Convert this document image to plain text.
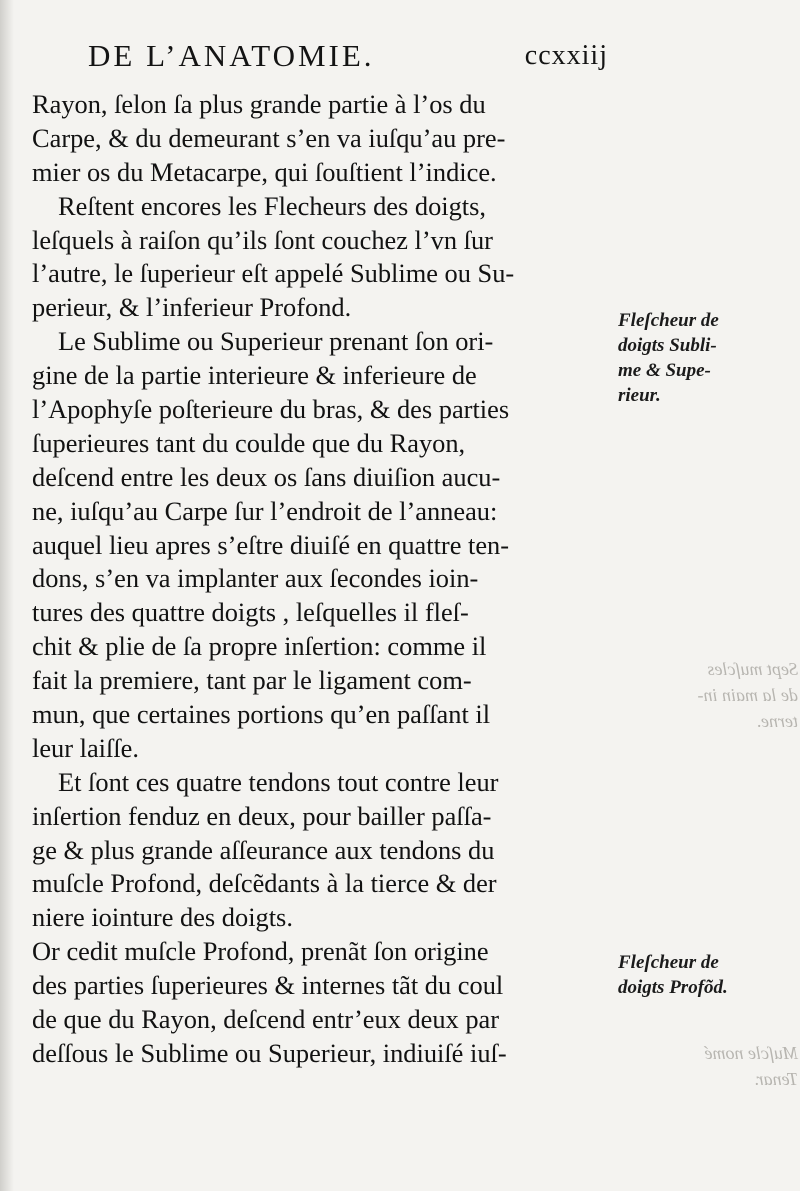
DE L’ANATOMIE.	ccxxiij
Rayon, ſelon ſa plus grande partie à l’os du
Carpe, & du demeurant s’en va iuſqu’au pre-
mier os du Metacarpe, qui ſouſtient l’indice.
Reſtent encores les Flecheurs des doigts,
leſquels à raiſon qu’ils ſont couchez l’vn ſur
l’autre, le ſuperieur eſt appelé Sublime ou Su-
perieur, & l’inferieur Profond.
Le Sublime ou Superieur prenant ſon ori-
gine de la partie interieure & inferieure de
l’Apophyſe poſterieure du bras, & des parties
ſuperieures tant du coulde que du Rayon,
deſcend entre les deux os ſans diuiſion aucu-
ne, iuſqu’au Carpe ſur l’endroit de l’anneau:
auquel lieu apres s’eſtre diuiſé en quattre ten-
dons, s’en va implanter aux ſecondes ioin-
tures des quattre doigts , leſquelles il fleſ-
chit & plie de ſa propre inſertion: comme il
fait la premiere, tant par le ligament com-
mun, que certaines portions qu’en paſſant il
leur laiſſe.
Et ſont ces quatre tendons tout contre leur
inſertion fenduz en deux, pour bailler paſſa-
ge & plus grande aſſeurance aux tendons du
muſcle Profond, deſcẽdants à la tierce & der
niere iointure des doigts.
Or cedit muſcle Profond, prenãt ſon origine
des parties ſuperieures & internes tãt du coul
de que du Rayon, deſcend entr’eux deux par
deſſous le Sublime ou Superieur, indiuiſé iuſ-
Fleſcheur de
doigts Subli-
me & Supe-
rieur.
Fleſcheur de
doigts Profõd.
Sept muſcles
de la main in-
terne.
Muſcle nomé
Tenar.
